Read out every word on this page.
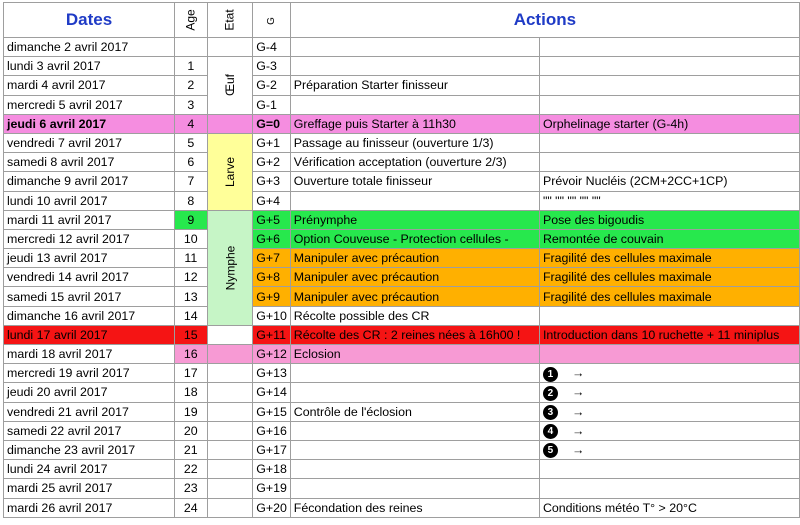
Dates	Age	Etat	G	Actions	
dimanche 2 avril 2017			G-4		
lundi 3 avril 2017	1	Œuf	G-3		
mardi 4 avril 2017	2		G-2	Préparation Starter finisseur	
mercredi 5 avril 2017	3		G-1		
jeudi 6 avril 2017	4		G=0	Greffage puis Starter à 11h30	Orphelinage starter (G-4h)
vendredi 7 avril 2017	5	Larve	G+1	Passage au finisseur (ouverture 1/3)	
samedi 8 avril 2017	6		G+2	Vérification acceptation (ouverture 2/3)	
dimanche 9 avril 2017	7		G+3	Ouverture totale finisseur	Prévoir Nucléis (2CM+2CC+1CP)
lundi 10 avril 2017	8		G+4		"" "" "" "" ""
mardi 11 avril 2017	9	Nymphe	G+5	Prénymphe	Pose des bigoudis
mercredi 12 avril 2017	10		G+6	Option Couveuse - Protection cellules -	Remontée de couvain
jeudi 13 avril 2017	11		G+7	Manipuler avec précaution	Fragilité des cellules maximale
vendredi 14 avril 2017	12		G+8	Manipuler avec précaution	Fragilité des cellules maximale
samedi 15 avril 2017	13		G+9	Manipuler avec précaution	Fragilité des cellules maximale
dimanche 16 avril 2017	14		G+10	Récolte possible des CR	
lundi 17 avril 2017	15		G+11	Récolte des CR : 2 reines nées à 16h00 !	Introduction dans 10 ruchette + 11 miniplus
mardi 18 avril 2017	16		G+12	Eclosion	
mercredi 19 avril 2017	17		G+13		1 →
jeudi 20 avril 2017	18		G+14		2 →
vendredi 21 avril 2017	19		G+15	Contrôle de l'éclosion	3 →
samedi 22 avril 2017	20		G+16		4 →
dimanche 23 avril 2017	21		G+17		5 →
lundi 24 avril 2017	22		G+18		
mardi 25 avril 2017	23		G+19		
mardi 26 avril 2017	24		G+20	Fécondation des reines	Conditions météo T° > 20°C
